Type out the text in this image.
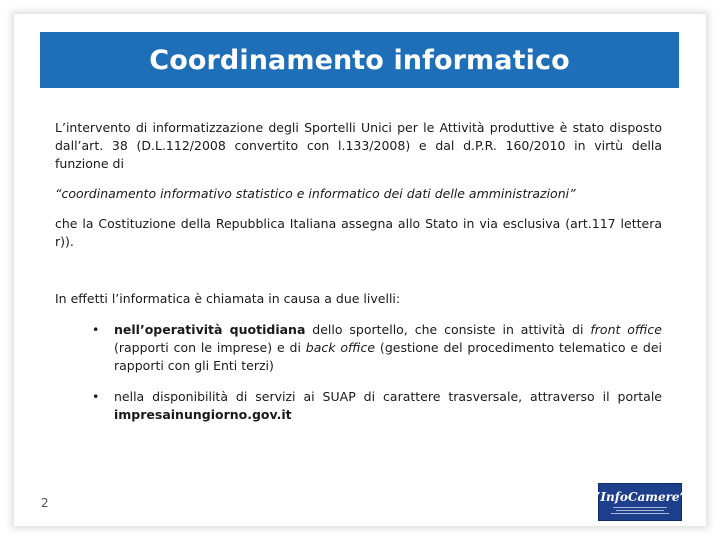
Coordinamento informatico

L’intervento di informatizzazione degli Sportelli Unici per le Attività produttive è stato disposto dall’art. 38 (D.L.112/2008 convertito con l.133/2008) e dal d.P.R. 160/2010 in virtù della funzione di

“coordinamento informativo statistico e informatico dei dati delle amministrazioni”

che la Costituzione della Repubblica Italiana assegna allo Stato in via esclusiva (art.117 lettera r)).

In effetti l’informatica è chiamata in causa a due livelli:

• nell’operatività quotidiana dello sportello, che consiste in attività di front office (rapporti con le imprese) e di back office (gestione del procedimento telematico e dei rapporti con gli Enti terzi)

• nella disponibilità di servizi ai SUAP di carattere trasversale, attraverso il portale impresainungiorno.gov.it

2	”InfoCamere”
